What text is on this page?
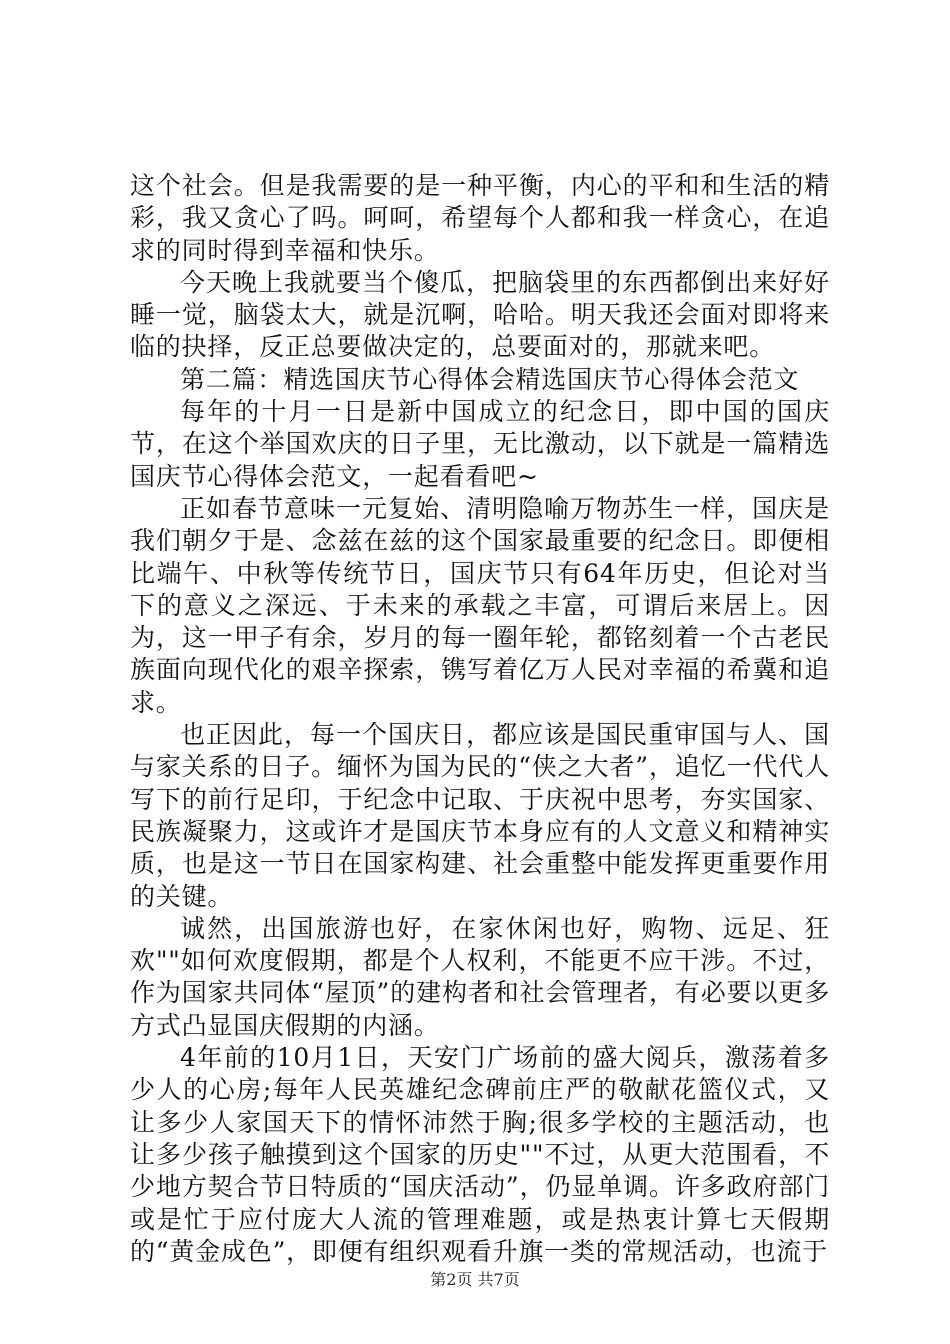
这个社会。但是我需要的是一种平衡，内心的平和和生活的精彩，我又贪心了吗。呵呵，希望每个人都和我一样贪心，在追求的同时得到幸福和快乐。

今天晚上我就要当个傻瓜，把脑袋里的东西都倒出来好好睡一觉，脑袋太大，就是沉啊，哈哈。明天我还会面对即将来临的抉择，反正总要做决定的，总要面对的，那就来吧。

第二篇：精选国庆节心得体会精选国庆节心得体会范文

每年的十月一日是新中国成立的纪念日，即中国的国庆节，在这个举国欢庆的日子里，无比激动，以下就是一篇精选国庆节心得体会范文，一起看看吧~

正如春节意味一元复始、清明隐喻万物苏生一样，国庆是我们朝夕于是、念兹在兹的这个国家最重要的纪念日。即便相比端午、中秋等传统节日，国庆节只有64年历史，但论对当下的意义之深远、于未来的承载之丰富，可谓后来居上。因为，这一甲子有余，岁月的每一圈年轮，都铭刻着一个古老民族面向现代化的艰辛探索，镌写着亿万人民对幸福的希冀和追求。

也正因此，每一个国庆日，都应该是国民重审国与人、国与家关系的日子。缅怀为国为民的“侠之大者”，追忆一代代人写下的前行足印，于纪念中记取、于庆祝中思考，夯实国家、民族凝聚力，这或许才是国庆节本身应有的人文意义和精神实质，也是这一节日在国家构建、社会重整中能发挥更重要作用的关键。

诚然，出国旅游也好，在家休闲也好，购物、远足、狂欢""如何欢度假期，都是个人权利，不能更不应干涉。不过，作为国家共同体“屋顶”的建构者和社会管理者，有必要以更多方式凸显国庆假期的内涵。

4年前的10月1日，天安门广场前的盛大阅兵，激荡着多少人的心房;每年人民英雄纪念碑前庄严的敬献花篮仪式，又让多少人家国天下的情怀沛然于胸;很多学校的主题活动，也让多少孩子触摸到这个国家的历史""不过，从更大范围看，不少地方契合节日特质的“国庆活动”，仍显单调。许多政府部门或是忙于应付庞大人流的管理难题，或是热衷计算七天假期的“黄金成色”，即便有组织观看升旗一类的常规活动，也流于

第2页 共7页
